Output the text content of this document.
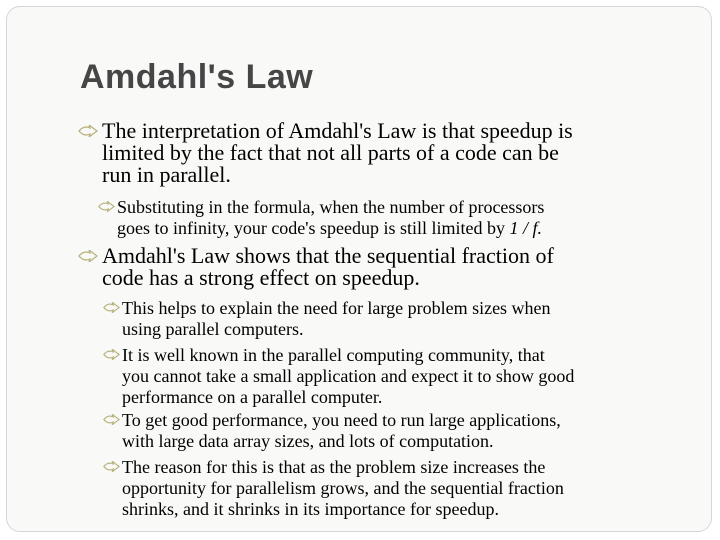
Amdahl's Law
The interpretation of Amdahl's Law is that speedup is
limited by the fact that not all parts of a code can be
run in parallel.
Substituting in the formula, when the number of processors
goes to infinity, your code's speedup is still limited by 1 / f.
Amdahl's Law shows that the sequential fraction of
code has a strong effect on speedup.
This helps to explain the need for large problem sizes when
using parallel computers.
It is well known in the parallel computing community, that
you cannot take a small application and expect it to show good
performance on a parallel computer.
To get good performance, you need to run large applications,
with large data array sizes, and lots of computation.
The reason for this is that as the problem size increases the
opportunity for parallelism grows, and the sequential fraction
shrinks, and it shrinks in its importance for speedup.
